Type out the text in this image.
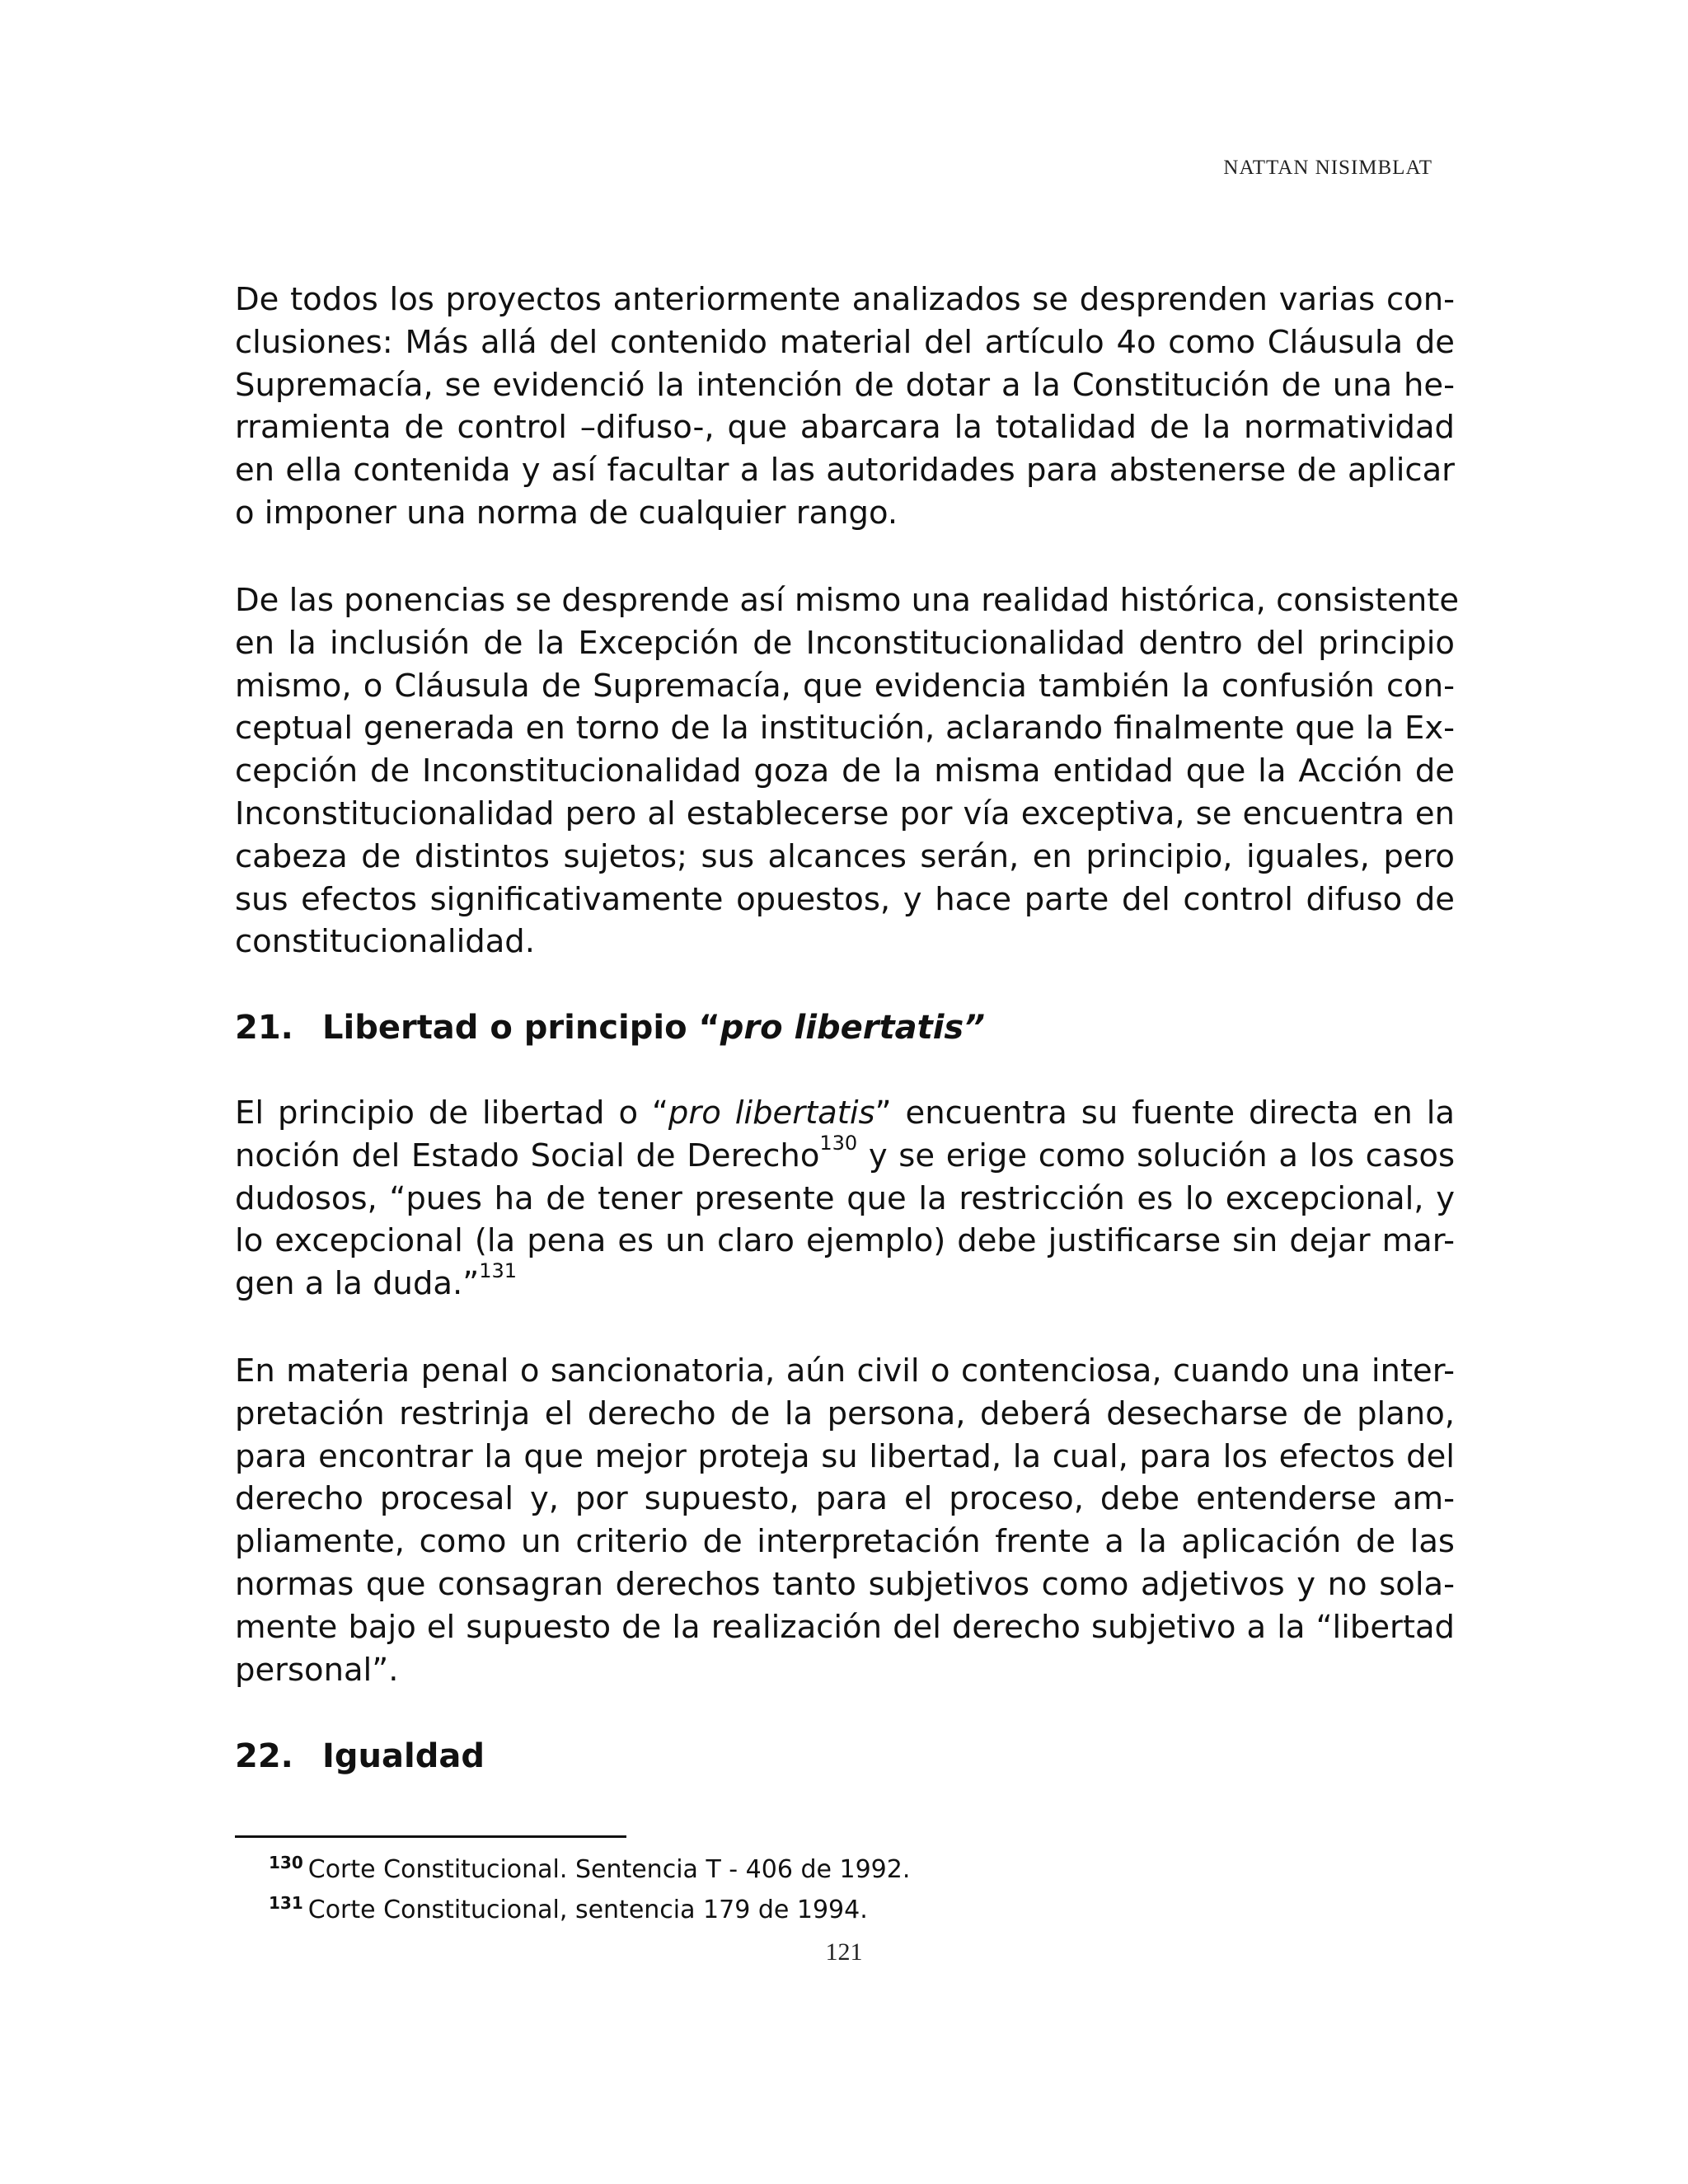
NATTAN NISIMBLAT
De todos los proyectos anteriormente analizados se desprenden varias con-
clusiones: Más allá del contenido material del artículo 4o como Cláusula de
Supremacía, se evidenció la intención de dotar a la Constitución de una he-
rramienta de control –difuso-, que abarcara la totalidad de la normatividad
en ella contenida y así facultar a las autoridades para abstenerse de aplicar
o imponer una norma de cualquier rango.
De las ponencias se desprende así mismo una realidad histórica, consistente
en la inclusión de la Excepción de Inconstitucionalidad dentro del principio
mismo, o Cláusula de Supremacía, que evidencia también la confusión con-
ceptual generada en torno de la institución, aclarando finalmente que la Ex-
cepción de Inconstitucionalidad goza de la misma entidad que la Acción de
Inconstitucionalidad pero al establecerse por vía exceptiva, se encuentra en
cabeza de distintos sujetos; sus alcances serán, en principio, iguales, pero
sus efectos significativamente opuestos, y hace parte del control difuso de
constitucionalidad.
21. Libertad o principio “pro libertatis”
El principio de libertad o “pro libertatis” encuentra su fuente directa en la
noción del Estado Social de Derecho$^{130}$ y se erige como solución a los casos
dudosos, “pues ha de tener presente que la restricción es lo excepcional, y
lo excepcional (la pena es un claro ejemplo) debe justificarse sin dejar mar-
gen a la duda.”$^{131}$
En materia penal o sancionatoria, aún civil o contenciosa, cuando una inter-
pretación restrinja el derecho de la persona, deberá desecharse de plano,
para encontrar la que mejor proteja su libertad, la cual, para los efectos del
derecho procesal y, por supuesto, para el proceso, debe entenderse am-
pliamente, como un criterio de interpretación frente a la aplicación de las
normas que consagran derechos tanto subjetivos como adjetivos y no sola-
mente bajo el supuesto de la realización del derecho subjetivo a la “libertad
personal”.
22. Igualdad
$^{130}$ Corte Constitucional. Sentencia T - 406 de 1992.
$^{131}$ Corte Constitucional, sentencia 179 de 1994.
121
